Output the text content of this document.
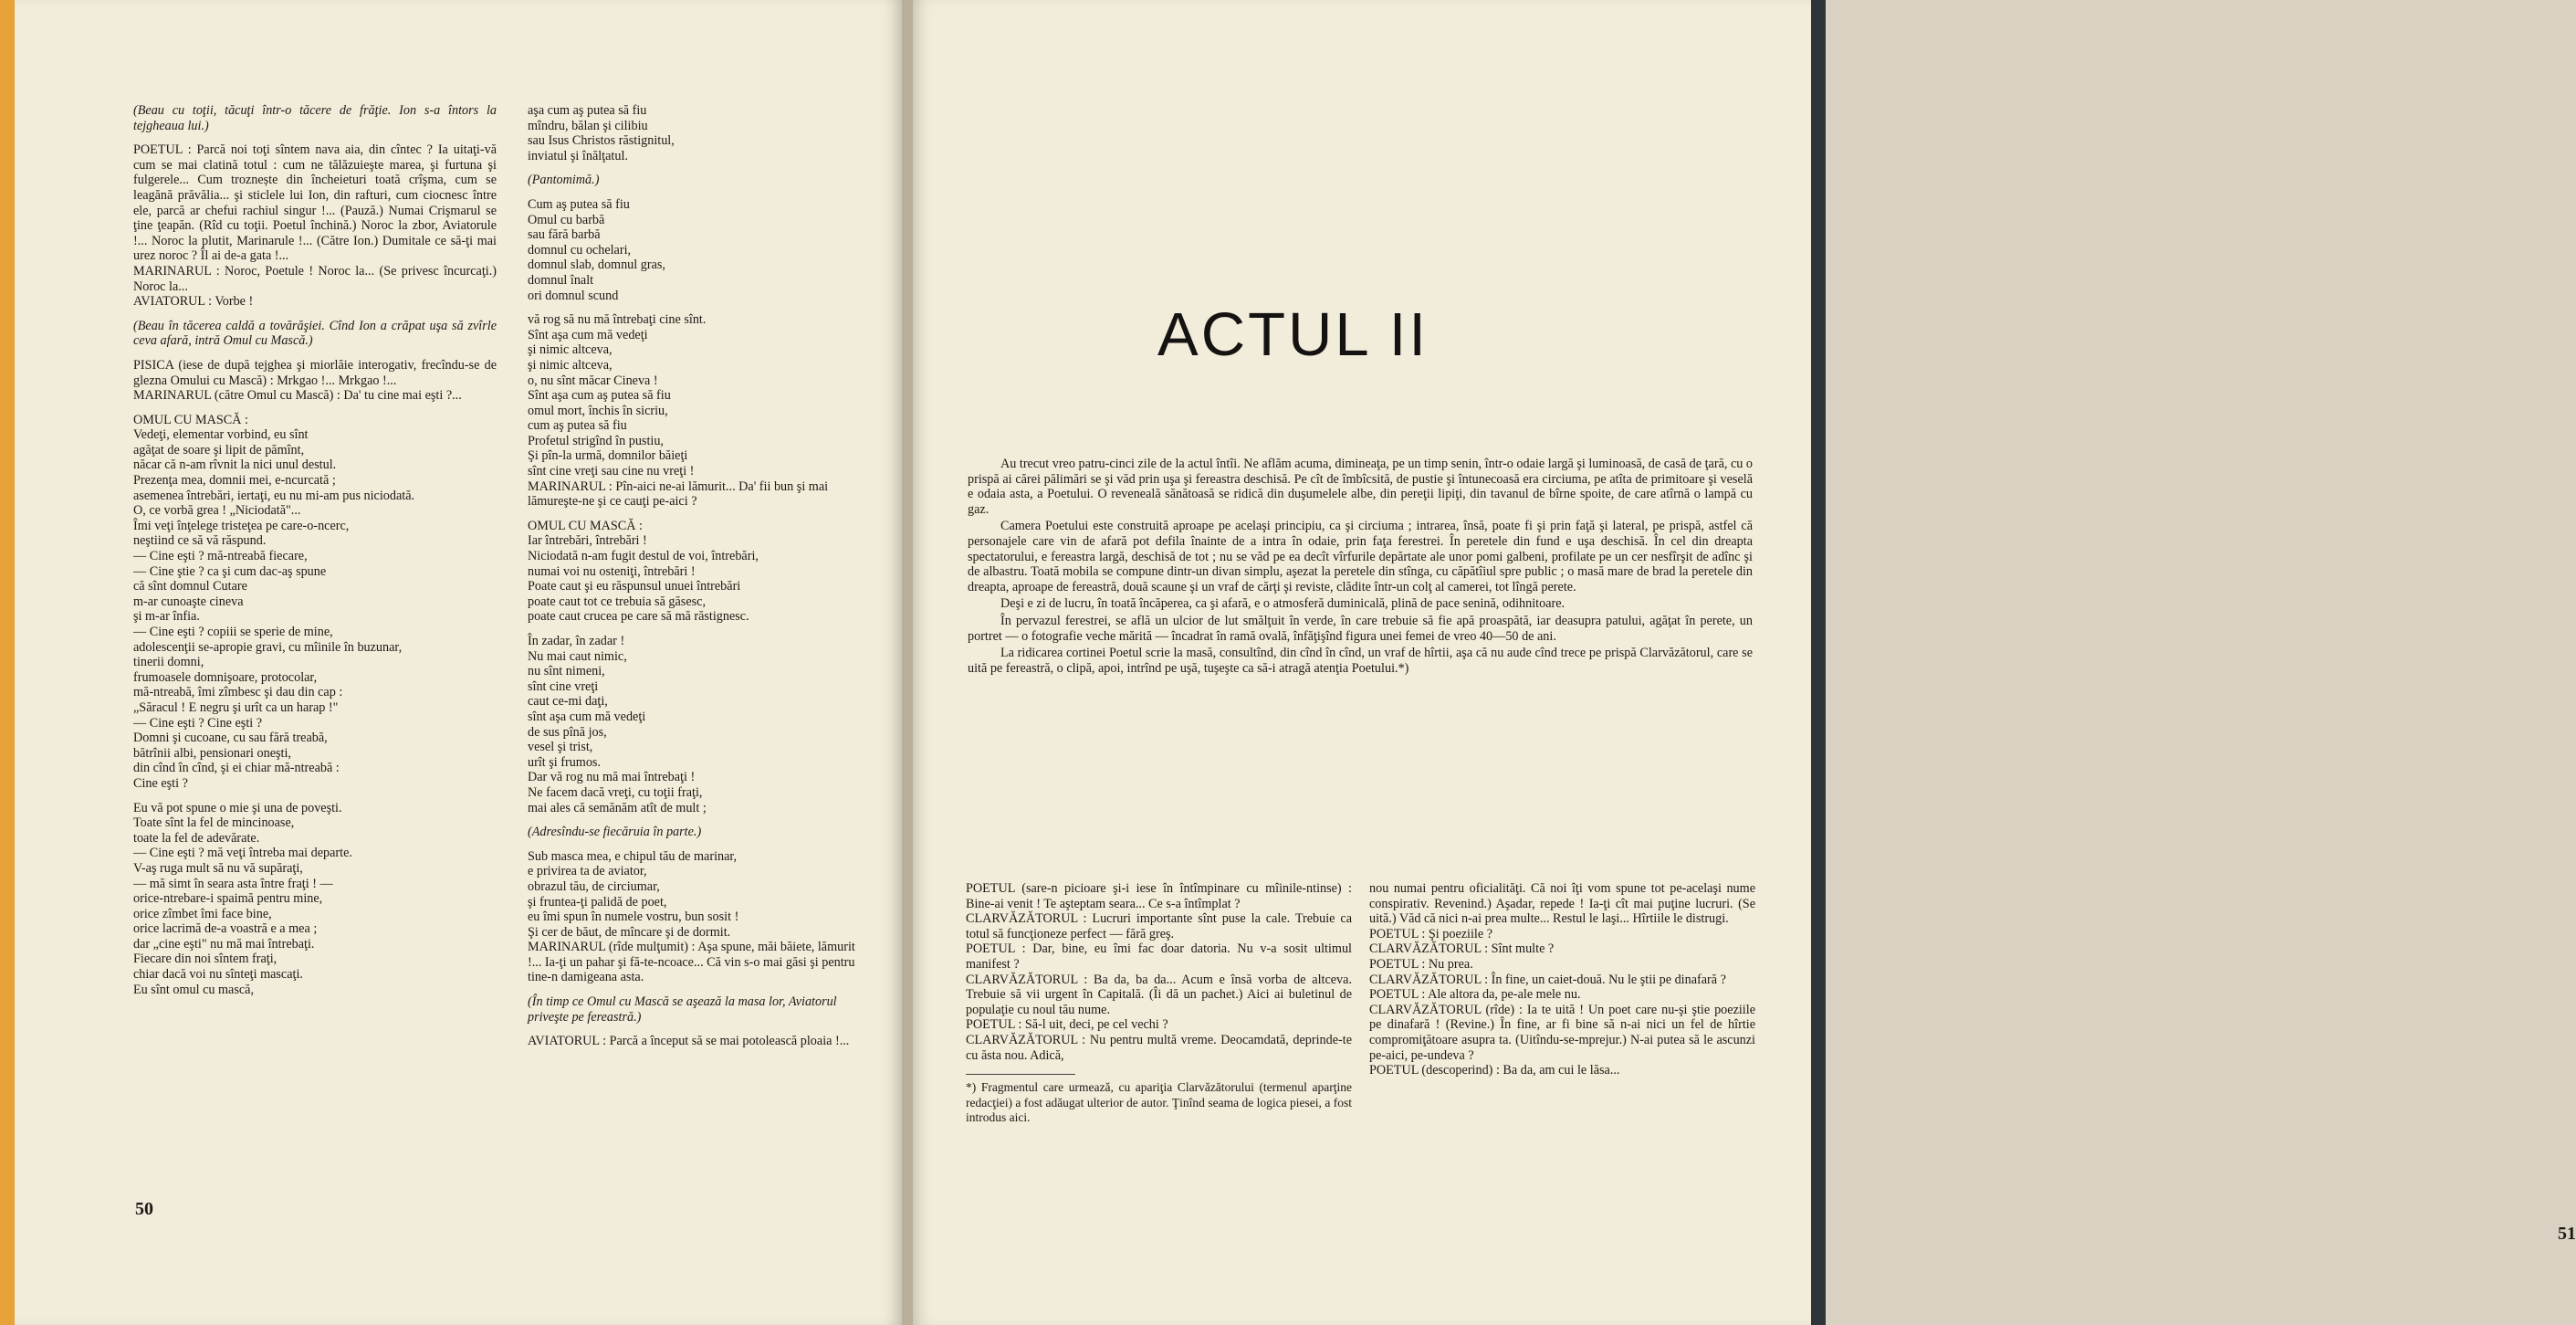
(Beau cu toţii, tăcuţi într-o tăcere de frăţie. Ion s-a întors la tejgheaua lui.)

POETUL : Parcă noi toţi sîntem nava aia, din cîntec ? Ia uitaţi-vă cum se mai clatină totul : cum ne tălăzuieşte marea, şi furtuna şi fulgerele... Cum troznește din încheieturi toată crîşma, cum se leagănă prăvălia... şi sticlele lui Ion, din rafturi, cum ciocnesc între ele, parcă ar chefui rachiul singur !... (Pauză.) Numai Crişmarul se ţine ţeapăn. (Rîd cu toţii. Poetul închină.) Noroc la zbor, Aviatorule !... Noroc la plutit, Marinarule !... (Către Ion.) Dumitale ce să-ţi mai urez noroc ? Îl ai de-a gata !...

MARINARUL : Noroc, Poetule ! Noroc la... (Se privesc încurcaţi.) Noroc la...

AVIATORUL : Vorbe !

(Beau în tăcerea caldă a tovărăşiei. Cînd Ion a crăpat uşa să zvîrle ceva afară, intră Omul cu Mască.)

PISICA (iese de după tejghea şi miorlăie interogativ, frecîndu-se de glezna Omului cu Mască) : Mrkgao !... Mrkgao !...

MARINARUL (către Omul cu Mască) : Da' tu cine mai eşti ?...

OMUL CU MASCĂ :
Vedeţi, elementar vorbind, eu sînt
agăţat de soare şi lipit de pămînt,
năcar că n-am rîvnit la nici unul destul.
Prezenţa mea, domnii mei, e-ncurcată ;
asemenea întrebări, iertaţi, eu nu mi-am pus niciodată.
O, ce vorbă grea ! „Niciodată"...
Îmi veţi înţelege tristeţea pe care-o-ncerc,
neştiind ce să vă răspund.
— Cine eşti ? mă-ntreabă fiecare,
— Cine ştie ? ca şi cum dac-aş spune
că sînt domnul Cutare
m-ar cunoaşte cineva
şi m-ar înfia.
— Cine eşti ? copiii se sperie de mine,
adolescenţii se-apropie gravi, cu mîinile în buzunar,
tinerii domni,
frumoasele domnişoare, protocolar,
mă-ntreabă, îmi zîmbesc şi dau din cap :
„Săracul ! E negru şi urît ca un harap !"
— Cine eşti ? Cine eşti ?
Domni şi cucoane, cu sau fără treabă,
bătrînii albi, pensionari oneşti,
din cînd în cînd, şi ei chiar mă-ntreabă :
Cine eşti ?

Eu vă pot spune o mie şi una de poveşti.
Toate sînt la fel de mincinoase,
toate la fel de adevărate.
— Cine eşti ? mă veţi întreba mai departe.
V-aş ruga mult să nu vă supăraţi,
— mă simt în seara asta între fraţi ! —
orice-ntrebare-i spaimă pentru mine,
orice zîmbet îmi face bine,
orice lacrimă de-a voastră e a mea ;
dar „cine eşti" nu mă mai întrebaţi.
Fiecare din noi sîntem fraţi,
chiar dacă voi nu sînteţi mascaţi.
Eu sînt omul cu mască,

aşa cum aş putea să fiu
mîndru, bălan şi cilibiu
sau Isus Christos răstignitul,
inviatul şi înălţatul.

(Pantomimă.)

Cum aş putea să fiu
Omul cu barbă
sau fără barbă
domnul cu ochelari,
domnul slab, domnul gras,
domnul înalt
ori domnul scund

vă rog să nu mă întrebaţi cine sînt.
Sînt aşa cum mă vedeţi
şi nimic altceva,
şi nimic altceva,
o, nu sînt măcar Cineva !
Sînt aşa cum aş putea să fiu
omul mort, închis în sicriu,
cum aş putea să fiu
Profetul strigînd în pustiu,
Şi pîn-la urmă, domnilor băieţi
sînt cine vreţi sau cine nu vreţi !

MARINARUL : Pîn-aici ne-ai lămurit... Da' fii bun şi mai lămureşte-ne şi ce cauţi pe-aici ?

OMUL CU MASCĂ :
Iar întrebări, întrebări !
Niciodată n-am fugit destul de voi, întrebări,
numai voi nu osteniţi, întrebări !
Poate caut şi eu răspunsul unuei întrebări
poate caut tot ce trebuia să găsesc,
poate caut crucea pe care să mă răstignesc.

În zadar, în zadar !
Nu mai caut nimic,
nu sînt nimeni,
sînt cine vreţi
caut ce-mi daţi,
sînt aşa cum mă vedeţi
de sus pînă jos,
vesel şi trist,
urît şi frumos.
Dar vă rog nu mă mai întrebaţi !
Ne facem dacă vreţi, cu toţii fraţi,
mai ales că semănăm atît de mult ;

(Adresîndu-se fiecăruia în parte.)

Sub masca mea, e chipul tău de marinar,
e privirea ta de aviator,
obrazul tău, de circiumar,
şi fruntea-ţi palidă de poet,
eu îmi spun în numele vostru, bun sosit !
Şi cer de băut, de mîncare şi de dormit.

MARINARUL (rîde mulţumit) : Aşa spune, măi băiete, lămurit !... Ia-ţi un pahar şi fă-te-ncoace... Că vin s-o mai găsi şi pentru tine-n damigeana asta.

(În timp ce Omul cu Mască se aşează la masa lor, Aviatorul priveşte pe fereastră.)

AVIATORUL : Parcă a început să se mai potolească ploaia !...

50
51
ACTUL II

Au trecut vreo patru-cinci zile de la actul întîi. Ne aflăm acuma, dimineaţa, pe un timp senin, într-o odaie largă şi luminoasă, de casă de ţară, cu o prispă ai cărei pălimări se şi văd prin uşa şi fereastra deschisă. Pe cît de îmbîcsită, de pustie şi întunecoasă era circiuma, pe atîta de primitoare şi veselă e odaia asta, a Poetului. O reveneală sănătoasă se ridică din duşumelele albe, din pereţii lipiţi, din tavanul de bîrne spoite, de care atîrnă o lampă cu gaz.

Camera Poetului este construită aproape pe acelaşi principiu, ca şi circiuma ; intrarea, însă, poate fi şi prin faţă şi lateral, pe prispă, astfel că personajele care vin de afară pot defila înainte de a intra în odaie, prin faţa ferestrei. În peretele din fund e uşa deschisă. În cel din dreapta spectatorului, e fereastra largă, deschisă de tot ; nu se văd pe ea decît vîrfurile depărtate ale unor pomi galbeni, profilate pe un cer nesfîrşit de adînc şi de albastru. Toată mobila se compune dintr-un divan simplu, aşezat la peretele din stînga, cu căpătîiul spre public ; o masă mare de brad la peretele din dreapta, aproape de fereastră, două scaune şi un vraf de cărţi şi reviste, clădite într-un colţ al camerei, tot lîngă perete.

Deşi e zi de lucru, în toată încăperea, ca şi afară, e o atmosferă duminicală, plină de pace senină, odihnitoare.

În pervazul ferestrei, se află un ulcior de lut smălţuit în verde, în care trebuie să fie apă proaspătă, iar deasupra patului, agăţat în perete, un portret — o fotografie veche mărită — încadrat în ramă ovală, înfăţişînd figura unei femei de vreo 40—50 de ani.

La ridicarea cortinei Poetul scrie la masă, consultînd, din cînd în cînd, un vraf de hîrtii, aşa că nu aude cînd trece pe prispă Clarvăzătorul, care se uită pe fereastră, o clipă, apoi, intrînd pe uşă, tuşeşte ca să-i atragă atenţia Poetului.*)

POETUL (sare-n picioare şi-i iese în întîmpinare cu mîinile-ntinse) : Bine-ai venit ! Te aşteptam seara... Ce s-a întîmplat ?

CLARVĂZĂTORUL : Lucruri importante sînt puse la cale. Trebuie ca totul să funcţioneze perfect — fără greş.

POETUL : Dar, bine, eu îmi fac doar datoria. Nu v-a sosit ultimul manifest ?

CLARVĂZĂTORUL : Ba da, ba da... Acum e însă vorba de altceva. Trebuie să vii urgent în Capitală. (Îi dă un pachet.) Aici ai buletinul de populaţie cu noul tău nume.

POETUL : Să-l uit, deci, pe cel vechi ?

CLARVĂZĂTORUL : Nu pentru multă vreme. Deocamdată, deprinde-te cu ăsta nou. Adică,

*) Fragmentul care urmează, cu apariţia Clarvăzătorului (termenul aparţine redacţiei) a fost adăugat ulterior de autor. Ţinînd seama de logica piesei, a fost introdus aici.

nou numai pentru oficialităţi. Că noi îţi vom spune tot pe-acelaşi nume conspirativ. Revenind.) Aşadar, repede ! Ia-ţi cît mai puţine lucruri. (Se uită.) Văd că nici n-ai prea multe... Restul le laşi... Hîrtiile le distrugi.

POETUL : Şi poeziile ?

CLARVĂZĂTORUL : Sînt multe ?

POETUL : Nu prea.

CLARVĂZĂTORUL : În fine, un caiet-două. Nu le ştii pe dinafară ?

POETUL : Ale altora da, pe-ale mele nu.

CLARVĂZĂTORUL (rîde) : Ia te uită ! Un poet care nu-şi ştie poeziile pe dinafară ! (Revine.) În fine, ar fi bine să n-ai nici un fel de hîrtie compromiţătoare asupra ta. (Uitîndu-se-mprejur.) N-ai putea să le ascunzi pe-aici, pe-undeva ?

POETUL (descoperind) : Ba da, am cui le lăsa...
